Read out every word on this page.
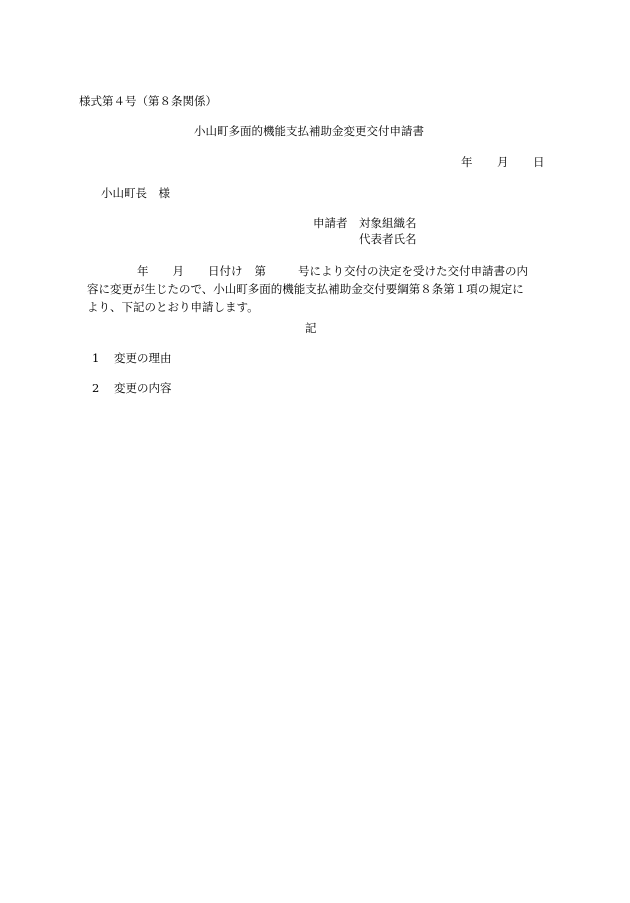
様式第４号（第８条関係）
小山町多面的機能支払補助金変更交付申請書
年 月 日
小山町長　様
申請者 対象組織名
代表者氏名
年 月 日付け 第	号により交付の決定を受けた交付申請書の内
容に変更が生じたので、小山町多面的機能支払補助金交付要綱第８条第１項の規定に
より、下記のとおり申請します。
記
1 変更の理由
2 変更の内容
